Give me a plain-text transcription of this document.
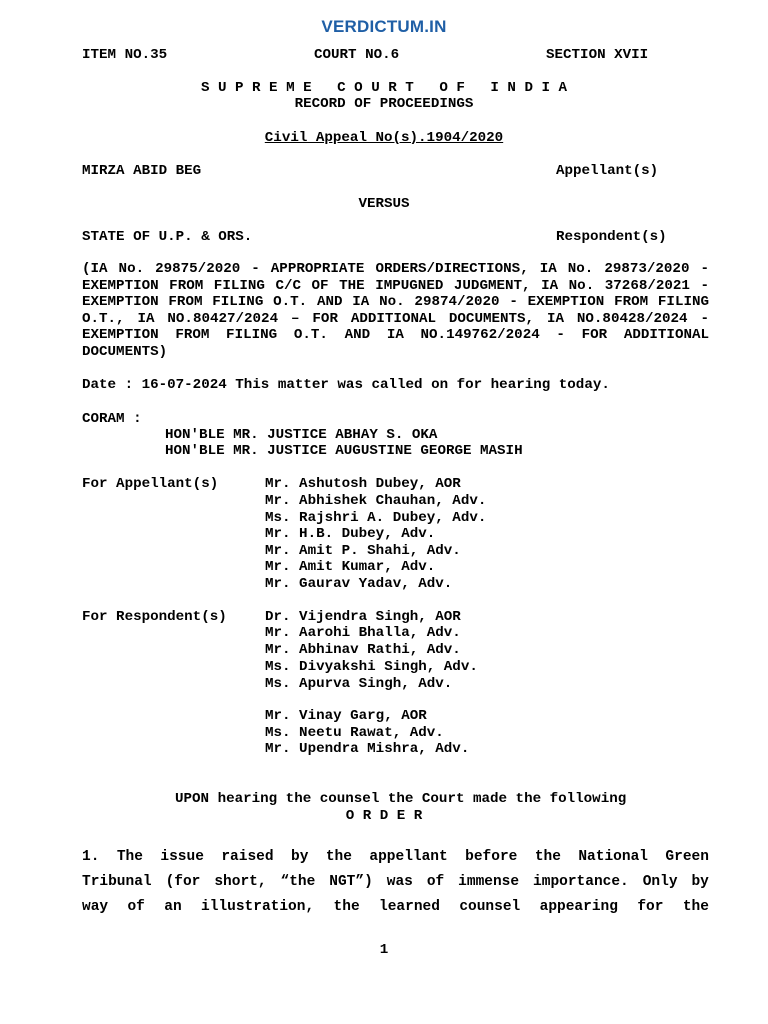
VERDICTUM.IN
ITEM NO.35	COURT NO.6	SECTION XVII
S U P R E M E   C O U R T   O F   I N D I A
RECORD OF PROCEEDINGS
Civil Appeal No(s).1904/2020
MIRZA ABID BEG	Appellant(s)
VERSUS
STATE OF U.P. & ORS.	Respondent(s)
(IA No. 29875/2020 - APPROPRIATE ORDERS/DIRECTIONS, IA No. 29873/2020 - EXEMPTION FROM FILING C/C OF THE IMPUGNED JUDGMENT, IA No. 37268/2021 - EXEMPTION FROM FILING O.T. AND IA No. 29874/2020 - EXEMPTION FROM FILING O.T., IA NO.80427/2024 – FOR ADDITIONAL DOCUMENTS, IA NO.80428/2024 - EXEMPTION FROM FILING O.T. AND IA NO.149762/2024 - FOR ADDITIONAL DOCUMENTS)
Date : 16-07-2024 This matter was called on for hearing today.
CORAM :
HON'BLE MR. JUSTICE ABHAY S. OKA
HON'BLE MR. JUSTICE AUGUSTINE GEORGE MASIH
For Appellant(s)	Mr. Ashutosh Dubey, AOR
Mr. Abhishek Chauhan, Adv.
Ms. Rajshri A. Dubey, Adv.
Mr. H.B. Dubey, Adv.
Mr. Amit P. Shahi, Adv.
Mr. Amit Kumar, Adv.
Mr. Gaurav Yadav, Adv.
For Respondent(s)	Dr. Vijendra Singh, AOR
Mr. Aarohi Bhalla, Adv.
Mr. Abhinav Rathi, Adv.
Ms. Divyakshi Singh, Adv.
Ms. Apurva Singh, Adv.
Mr. Vinay Garg, AOR
Ms. Neetu Rawat, Adv.
Mr. Upendra Mishra, Adv.
UPON hearing the counsel the Court made the following
O R D E R
1. The issue raised by the appellant before the National Green
Tribunal (for short, “the NGT”) was of immense importance. Only by
way of an illustration, the learned counsel appearing for the
1
